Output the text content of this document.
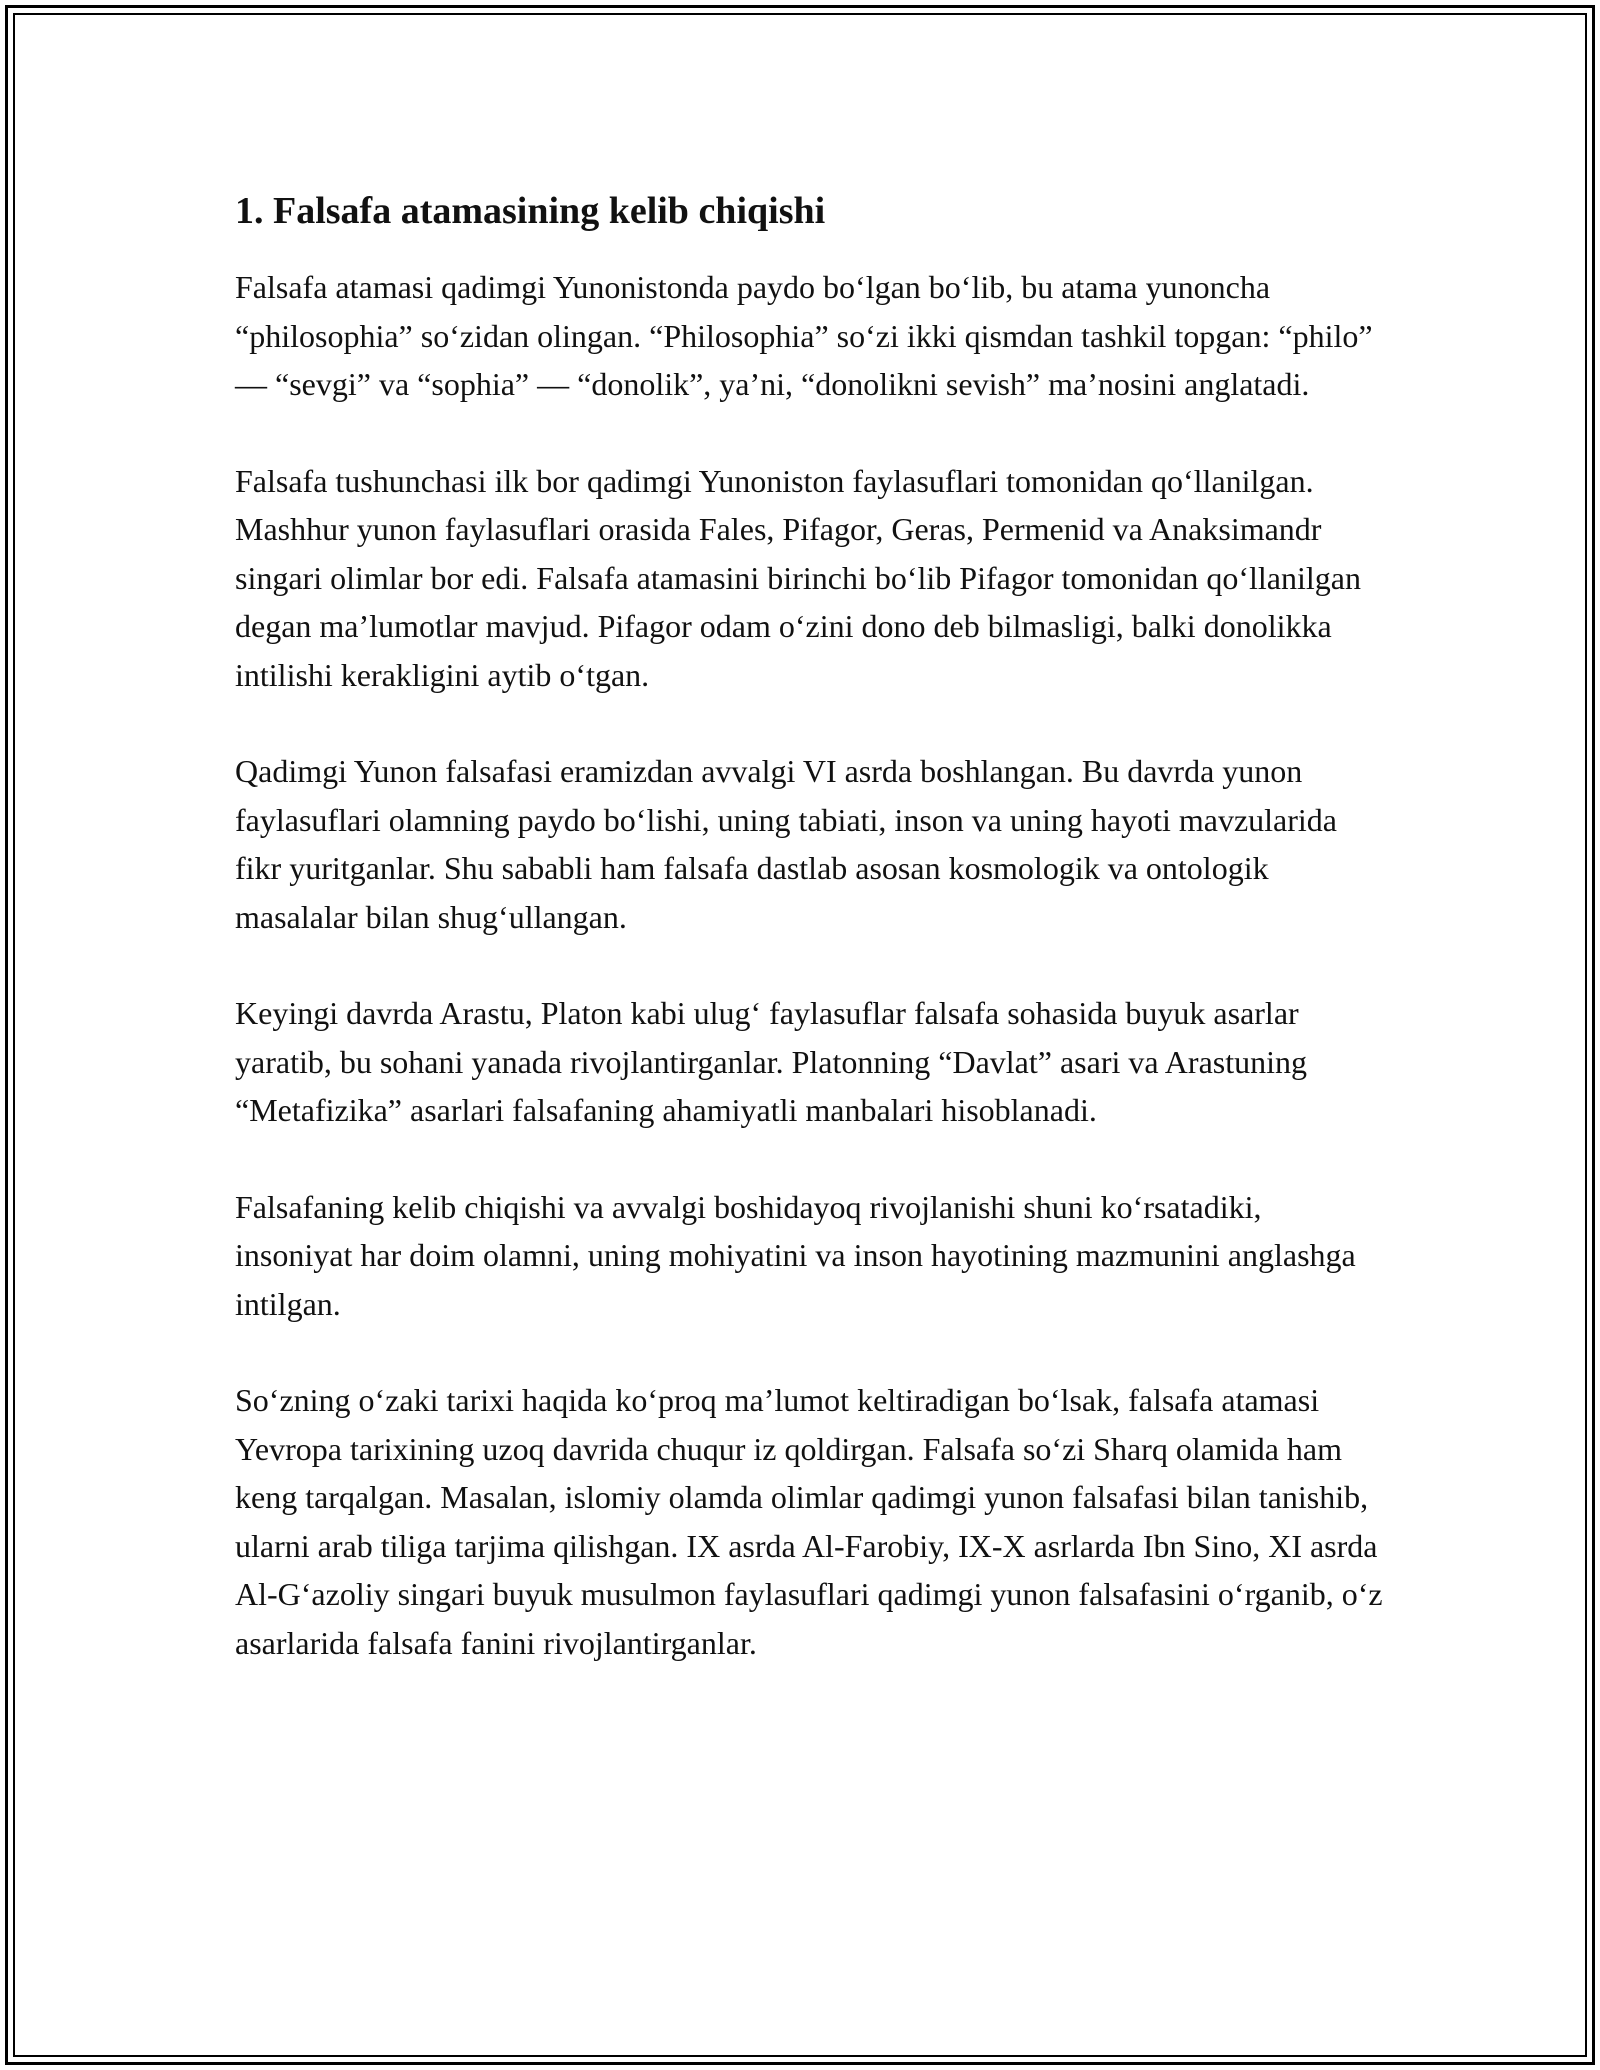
1. Falsafa atamasining kelib chiqishi

Falsafa atamasi qadimgi Yunonistonda paydo bo‘lgan bo‘lib, bu atama yunoncha “philosophia” so‘zidan olingan. “Philosophia” so‘zi ikki qismdan tashkil topgan: “philo” — “sevgi” va “sophia” — “donolik”, ya’ni, “donolikni sevish” ma’nosini anglatadi.

Falsafa tushunchasi ilk bor qadimgi Yunoniston faylasuflari tomonidan qo‘llanilgan. Mashhur yunon faylasuflari orasida Fales, Pifagor, Geras, Permenid va Anaksimandr singari olimlar bor edi. Falsafa atamasini birinchi bo‘lib Pifagor tomonidan qo‘llanilgan degan ma’lumotlar mavjud. Pifagor odam o‘zini dono deb bilmasligi, balki donolikka intilishi kerakligini aytib o‘tgan.

Qadimgi Yunon falsafasi eramizdan avvalgi VI asrda boshlangan. Bu davrda yunon faylasuflari olamning paydo bo‘lishi, uning tabiati, inson va uning hayoti mavzularida fikr yuritganlar. Shu sababli ham falsafa dastlab asosan kosmologik va ontologik masalalar bilan shug‘ullangan.

Keyingi davrda Arastu, Platon kabi ulug‘ faylasuflar falsafa sohasida buyuk asarlar yaratib, bu sohani yanada rivojlantirganlar. Platonning “Davlat” asari va Arastuning “Metafizika” asarlari falsafaning ahamiyatli manbalari hisoblanadi.

Falsafaning kelib chiqishi va avvalgi boshidayoq rivojlanishi shuni ko‘rsatadiki, insoniyat har doim olamni, uning mohiyatini va inson hayotining mazmunini anglashga intilgan.

So‘zning o‘zaki tarixi haqida ko‘proq ma’lumot keltiradigan bo‘lsak, falsafa atamasi Yevropa tarixining uzoq davrida chuqur iz qoldirgan. Falsafa so‘zi Sharq olamida ham keng tarqalgan. Masalan, islomiy olamda olimlar qadimgi yunon falsafasi bilan tanishib, ularni arab tiliga tarjima qilishgan. IX asrda Al-Farobiy, IX-X asrlarda Ibn Sino, XI asrda Al-G‘azoliy singari buyuk musulmon faylasuflari qadimgi yunon falsafasini o‘rganib, o‘z asarlarida falsafa fanini rivojlantirganlar.
